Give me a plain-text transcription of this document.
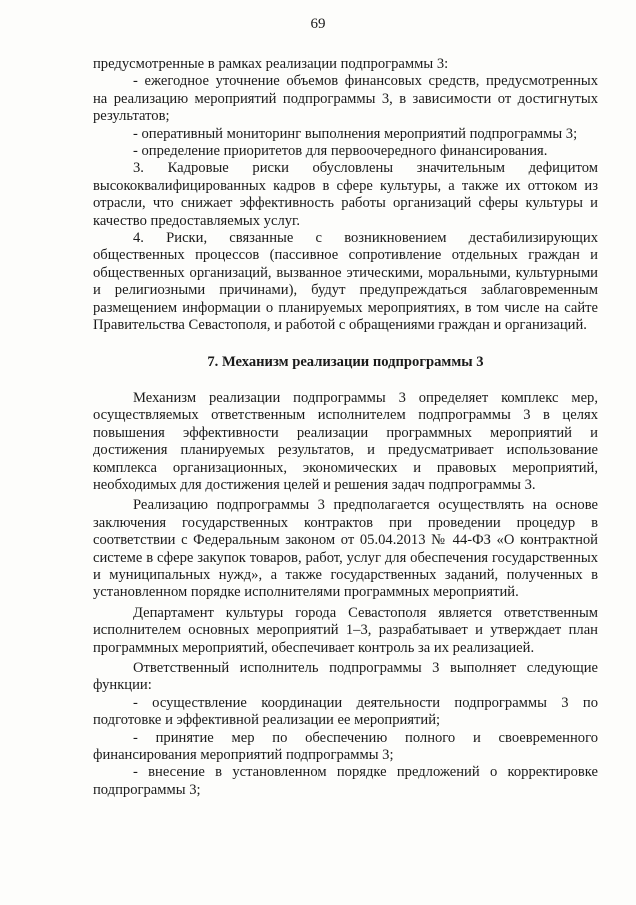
69

предусмотренные в рамках реализации подпрограммы 3:

- ежегодное уточнение объемов финансовых средств, предусмотренных на реализацию мероприятий подпрограммы 3, в зависимости от достигнутых результатов;

- оперативный мониторинг выполнения мероприятий подпрограммы 3;

- определение приоритетов для первоочередного финансирования.

3. Кадровые риски обусловлены значительным дефицитом высококвалифицированных кадров в сфере культуры, а также их оттоком из отрасли, что снижает эффективность работы организаций сферы культуры и качество предоставляемых услуг.

4. Риски, связанные с возникновением дестабилизирующих общественных процессов (пассивное сопротивление отдельных граждан и общественных организаций, вызванное этическими, моральными, культурными и религиозными причинами), будут предупреждаться заблаговременным размещением информации о планируемых мероприятиях, в том числе на сайте Правительства Севастополя, и работой с обращениями граждан и организаций.

7. Механизм реализации подпрограммы 3

Механизм реализации подпрограммы 3 определяет комплекс мер, осуществляемых ответственным исполнителем подпрограммы 3 в целях повышения эффективности реализации программных мероприятий и достижения планируемых результатов, и предусматривает использование комплекса организационных, экономических и правовых мероприятий, необходимых для достижения целей и решения задач подпрограммы 3.

Реализацию подпрограммы 3 предполагается осуществлять на основе заключения государственных контрактов при проведении процедур в соответствии с Федеральным законом от 05.04.2013 № 44-ФЗ «О контрактной системе в сфере закупок товаров, работ, услуг для обеспечения государственных и муниципальных нужд», а также государственных заданий, полученных в установленном порядке исполнителями программных мероприятий.

Департамент культуры города Севастополя является ответственным исполнителем основных мероприятий 1–3, разрабатывает и утверждает план программных мероприятий, обеспечивает контроль за их реализацией.

Ответственный исполнитель подпрограммы 3 выполняет следующие функции:

- осуществление координации деятельности подпрограммы 3 по подготовке и эффективной реализации ее мероприятий;

- принятие мер по обеспечению полного и своевременного финансирования мероприятий подпрограммы 3;

- внесение в установленном порядке предложений о корректировке подпрограммы 3;
